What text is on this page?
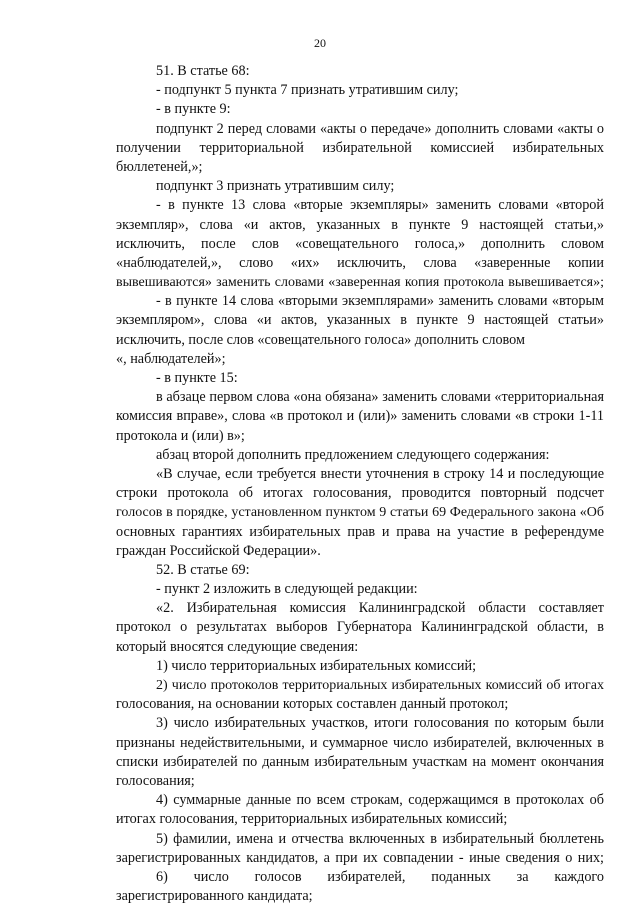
20
51. В статье 68:
- подпункт 5 пункта 7 признать утратившим силу;
- в пункте 9:
подпункт 2 перед словами «акты о передаче» дополнить словами «акты о
получении территориальной избирательной комиссией избирательных
бюллетеней,»;
подпункт 3 признать утратившим силу;
- в пункте 13 слова «вторые экземпляры» заменить словами «второй
экземпляр», слова «и актов, указанных в пункте 9 настоящей статьи,»
исключить, после слов «совещательного голоса,» дополнить словом
«наблюдателей,», слово «их» исключить, слова «заверенные копии
вывешиваются» заменить словами «заверенная копия протокола вывешивается»;
- в пункте 14 слова «вторыми экземплярами» заменить словами «вторым
экземпляром», слова «и актов, указанных в пункте 9 настоящей статьи»
исключить, после слов «совещательного голоса» дополнить словом
«, наблюдателей»;
- в пункте 15:
в абзаце первом слова «она обязана» заменить словами «территориальная
комиссия вправе», слова «в протокол и (или)» заменить словами «в строки 1-11
протокола и (или) в»;
абзац второй дополнить предложением следующего содержания:
«В случае, если требуется внести уточнения в строку 14 и последующие
строки протокола об итогах голосования, проводится повторный подсчет
голосов в порядке, установленном пунктом 9 статьи 69 Федерального закона «Об
основных гарантиях избирательных прав и права на участие в референдуме
граждан Российской Федерации».
52. В статье 69:
- пункт 2 изложить в следующей редакции:
«2. Избирательная комиссия Калининградской области составляет
протокол о результатах выборов Губернатора Калининградской области, в
который вносятся следующие сведения:
1) число территориальных избирательных комиссий;
2) число протоколов территориальных избирательных комиссий об итогах
голосования, на основании которых составлен данный протокол;
3) число избирательных участков, итоги голосования по которым были
признаны недействительными, и суммарное число избирателей, включенных в
списки избирателей по данным избирательным участкам на момент окончания
голосования;
4) суммарные данные по всем строкам, содержащимся в протоколах об
итогах голосования, территориальных избирательных комиссий;
5) фамилии, имена и отчества включенных в избирательный бюллетень
зарегистрированных кандидатов, а при их совпадении - иные сведения о них;
6) число голосов избирателей, поданных за каждого
зарегистрированного кандидата;
